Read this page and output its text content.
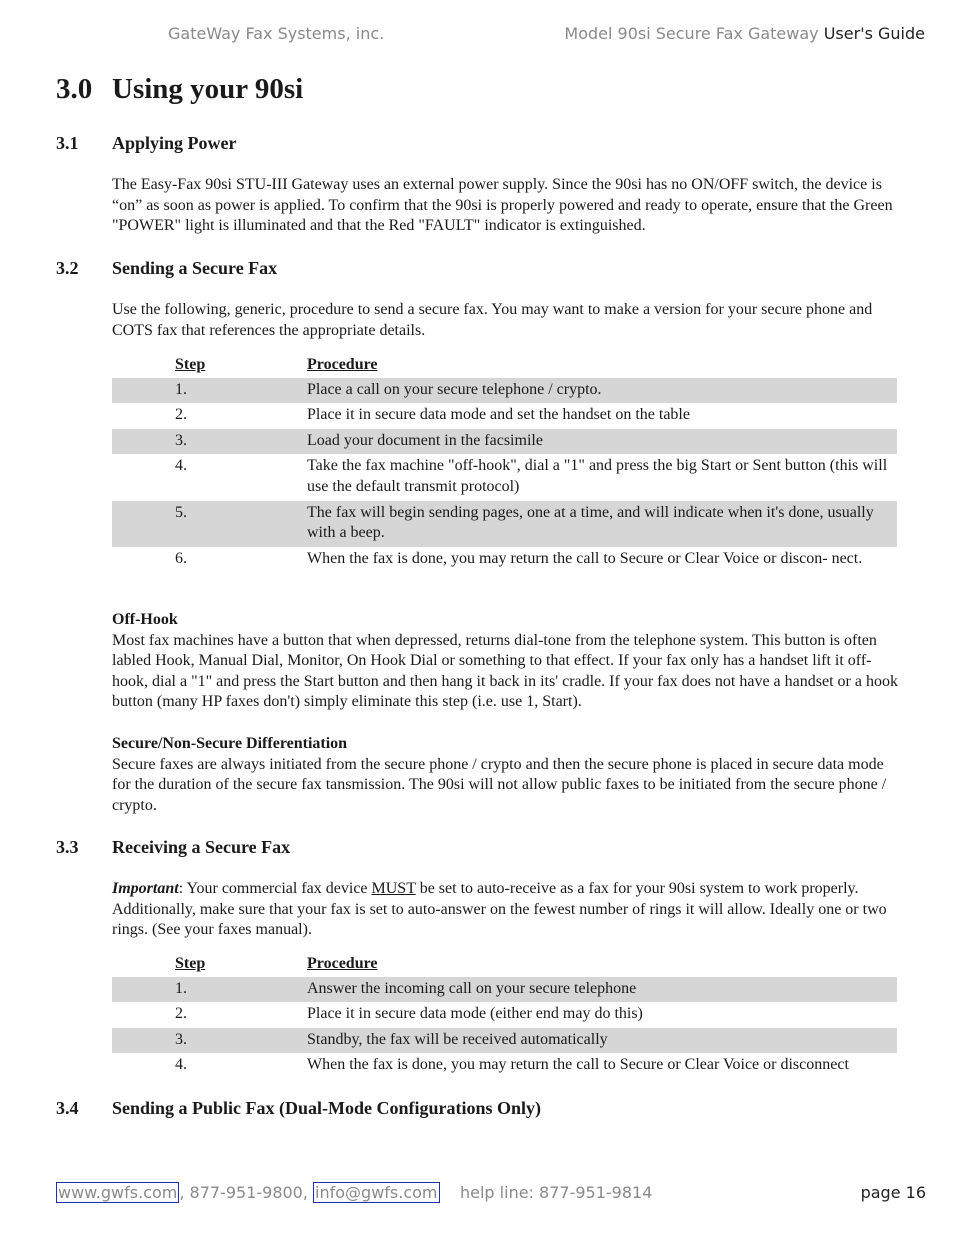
GateWay Fax Systems, inc.	Model 90si Secure Fax Gateway User's Guide
3.0 Using your 90si
3.1 Applying Power

The Easy-Fax 90si STU-III Gateway uses an external power supply. Since the 90si has no ON/OFF switch, the device is “on” as soon as power is applied. To confirm that the 90si is properly powered and ready to operate, ensure that the Green "POWER" light is illuminated and that the Red "FAULT" indicator is extinguished.

3.2 Sending a Secure Fax

Use the following, generic, procedure to send a secure fax. You may want to make a version for your secure phone and COTS fax that references the appropriate details.

Step	Procedure
1.	Place a call on your secure telephone / crypto.
2.	Place it in secure data mode and set the handset on the table
3.	Load your document in the facsimile
4.	Take the fax machine "off-hook", dial a "1" and press the big Start or Sent button (this will use the default transmit protocol)
5.	The fax will begin sending pages, one at a time, and will indicate when it's done, usually with a beep.
6.	When the fax is done, you may return the call to Secure or Clear Voice or discon- nect.
Off-Hook
Most fax machines have a button that when depressed, returns dial-tone from the telephone system. This button is often labled Hook, Manual Dial, Monitor, On Hook Dial or something to that effect. If your fax only has a handset lift it off-hook, dial a "1" and press the Start button and then hang it back in its' cradle. If your fax does not have a handset or a hook button (many HP faxes don't) simply eliminate this step (i.e. use 1, Start).
Secure/Non-Secure Differentiation
Secure faxes are always initiated from the secure phone / crypto and then the secure phone is placed in secure data mode for the duration of the secure fax tansmission. The 90si will not allow public faxes to be initiated from the secure phone / crypto.
3.3 Receiving a Secure Fax

Important: Your commercial fax device MUST be set to auto-receive as a fax for your 90si system to work properly. Additionally, make sure that your fax is set to auto-answer on the fewest number of rings it will allow. Ideally one or two rings. (See your faxes manual).

Step	Procedure
1.	Answer the incoming call on your secure telephone
2.	Place it in secure data mode (either end may do this)
3.	Standby, the fax will be received automatically
4.	When the fax is done, you may return the call to Secure or Clear Voice or disconnect
3.4 Sending a Public Fax (Dual-Mode Configurations Only)
www.gwfs.com , 877-951-9800, info@gwfs.com help line: 877-951-9814	page 16
